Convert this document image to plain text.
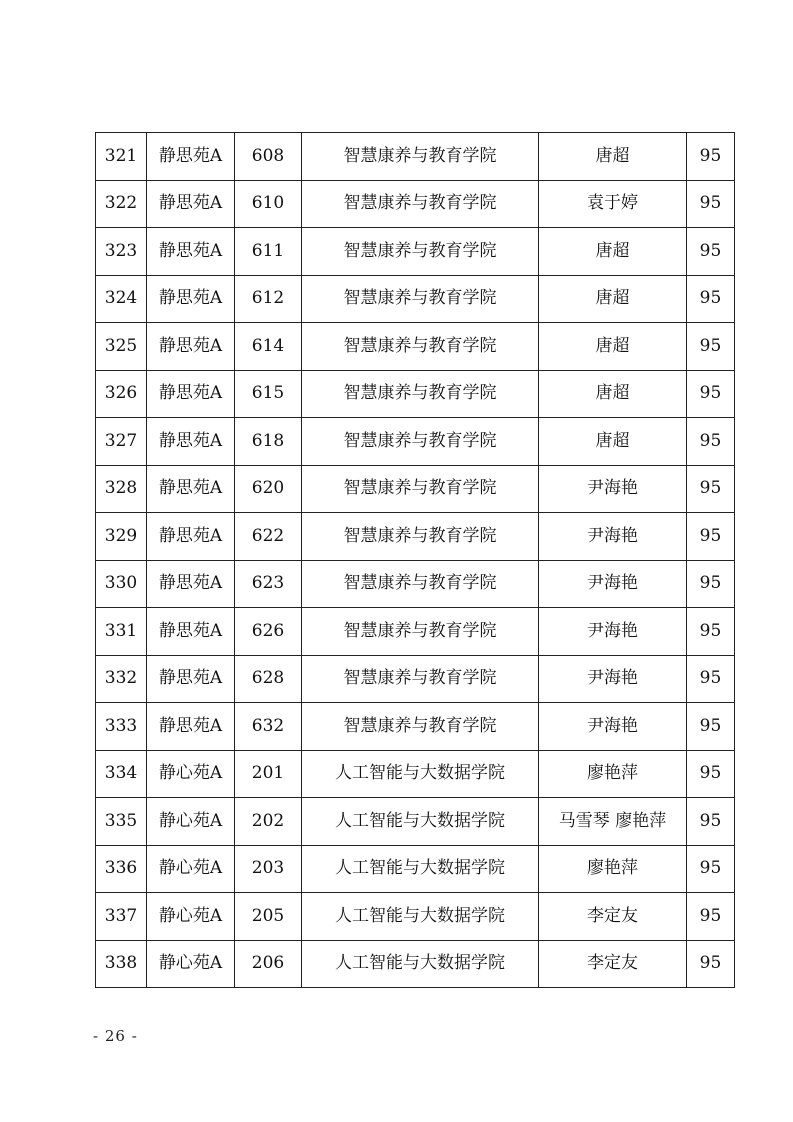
321	静思苑A	608	智慧康养与教育学院	唐超	95
322	静思苑A	610	智慧康养与教育学院	袁于婷	95
323	静思苑A	611	智慧康养与教育学院	唐超	95
324	静思苑A	612	智慧康养与教育学院	唐超	95
325	静思苑A	614	智慧康养与教育学院	唐超	95
326	静思苑A	615	智慧康养与教育学院	唐超	95
327	静思苑A	618	智慧康养与教育学院	唐超	95
328	静思苑A	620	智慧康养与教育学院	尹海艳	95
329	静思苑A	622	智慧康养与教育学院	尹海艳	95
330	静思苑A	623	智慧康养与教育学院	尹海艳	95
331	静思苑A	626	智慧康养与教育学院	尹海艳	95
332	静思苑A	628	智慧康养与教育学院	尹海艳	95
333	静思苑A	632	智慧康养与教育学院	尹海艳	95
334	静心苑A	201	人工智能与大数据学院	廖艳萍	95
335	静心苑A	202	人工智能与大数据学院	马雪琴 廖艳萍	95
336	静心苑A	203	人工智能与大数据学院	廖艳萍	95
337	静心苑A	205	人工智能与大数据学院	李定友	95
338	静心苑A	206	人工智能与大数据学院	李定友	95
- 26 -
